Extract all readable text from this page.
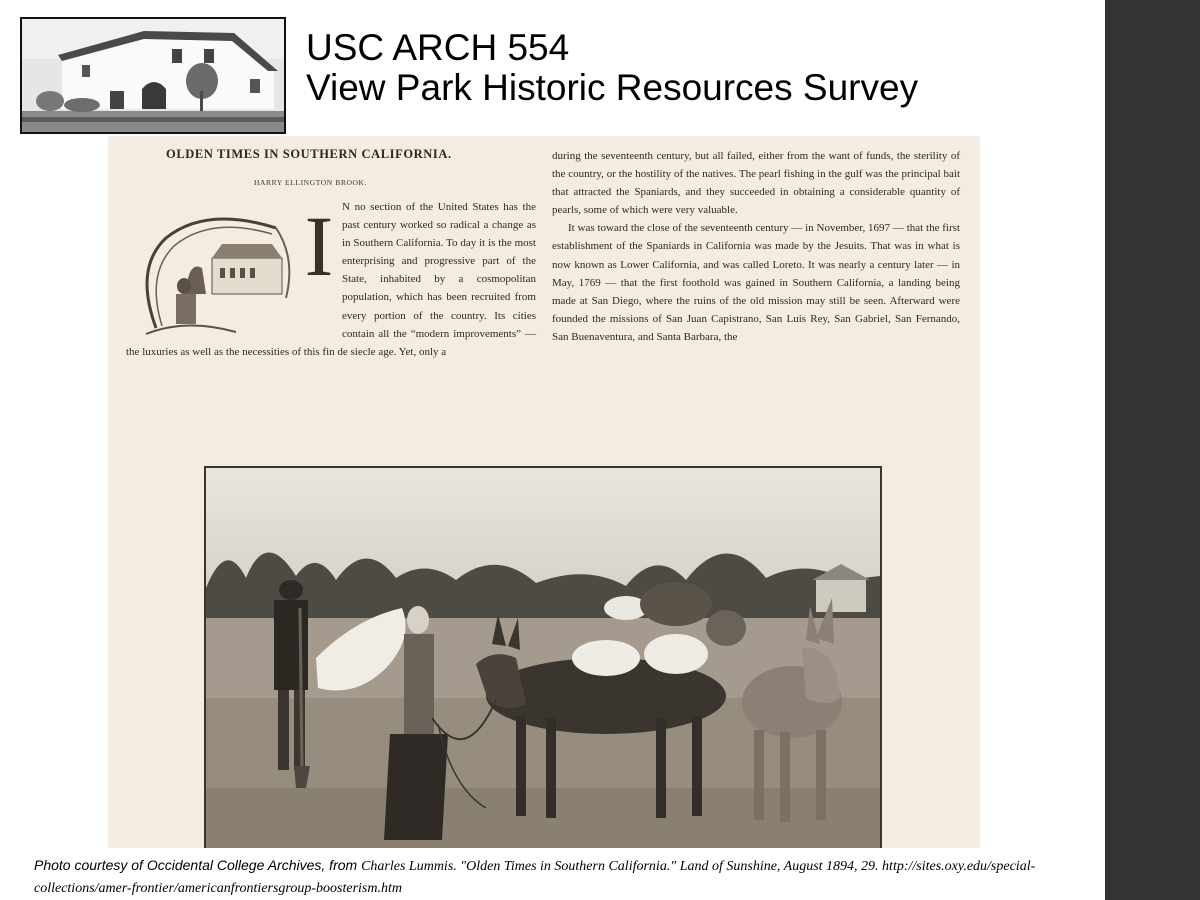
USC ARCH 554
View Park Historic Resources Survey
OLDEN TIMES IN SOUTHERN CALIFORNIA.
HARRY ELLINGTON BROOK.
I N no section of the United States has the past century worked so radical a change as in Southern California. To day it is the most enterprising and progressive part of the State, inhabited by a cosmopolitan population, which has been recruited from every portion of the country. Its cities contain all the “modern improvements” — the luxuries as well as the necessities of this fin de siecle age. Yet, only a

during the seventeenth century, but all failed, either from the want of funds, the sterility of the country, or the hostility of the natives. The pearl fishing in the gulf was the principal bait that attracted the Spaniards, and they succeeded in obtaining a considerable quantity of pearls, some of which were very valuable.

It was toward the close of the seventeenth century — in November, 1697 — that the first establishment of the Spaniards in California was made by the Jesuits. That was in what is now known as Lower California, and was called Loreto. It was nearly a century later — in May, 1769 — that the first foothold was gained in Southern California, a landing being made at San Diego, where the ruins of the old mission may still be seen. Afterward were founded the missions of San Juan Capistrano, San Luis Rey, San Gabriel, San Fernando, San Buenaventura, and Santa Barbara, the

Photo courtesy of Occidental College Archives, from Charles Lummis. "Olden Times in Southern California." Land of Sunshine, August 1894, 29. http://sites.oxy.edu/special-collections/amer-frontier/americanfrontiersgroup-boosterism.htm
